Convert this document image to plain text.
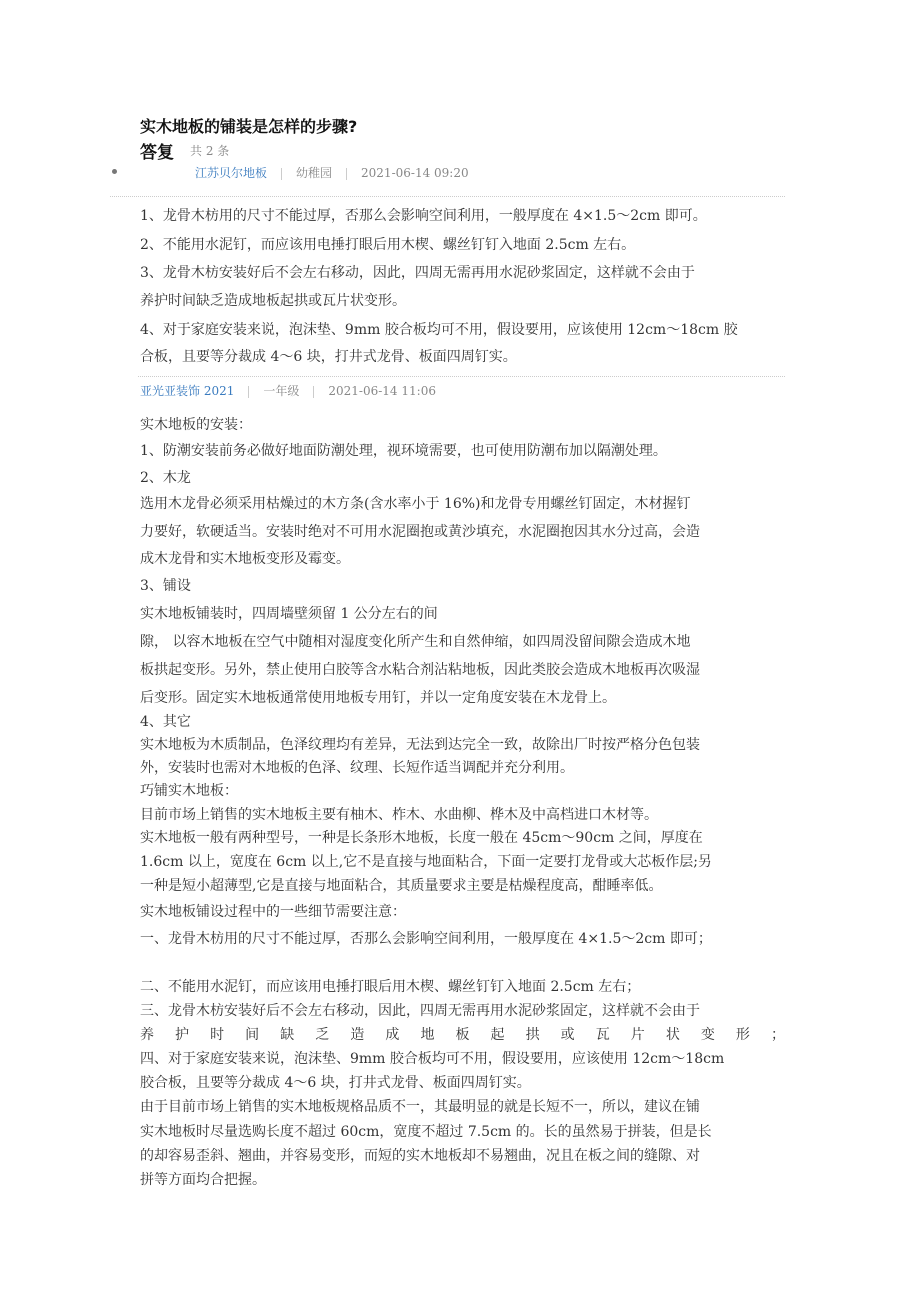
实木地板的铺装是怎样的步骤?
答复 共 2 条
江苏贝尔地板 幼稚园 2021-06-14 09:20
1、龙骨木枋用的尺寸不能过厚，否那么会影响空间利用，一般厚度在 4×1.5～2cm 即可。
2、不能用水泥钉，而应该用电捶打眼后用木楔、螺丝钉钉入地面 2.5cm 左右。
3、龙骨木枋安装好后不会左右移动，因此，四周无需再用水泥砂浆固定，这样就不会由于
养护时间缺乏造成地板起拱或瓦片状变形。
4、对于家庭安装来说，泡沫垫、9mm 胶合板均可不用，假设要用，应该使用 12cm～18cm 胶
合板，且要等分裁成 4～6 块，打井式龙骨、板面四周钉实。
亚光亚装饰 2021 一年级 2021-06-14 11:06
实木地板的安装：
1、防潮安装前务必做好地面防潮处理，视环境需要，也可使用防潮布加以隔潮处理。
2、木龙
选用木龙骨必须采用枯燥过的木方条(含水率小于 16%)和龙骨专用螺丝钉固定，木材握钉
力要好，软硬适当。安装时绝对不可用水泥圈抱或黄沙填充，水泥圈抱因其水分过高，会造
成木龙骨和实木地板变形及霉变。
3、铺设
实木地板铺装时，四周墙壁须留 1 公分左右的间
隙， 以容木地板在空气中随相对湿度变化所产生和自然伸缩，如四周没留间隙会造成木地
板拱起变形。另外，禁止使用白胶等含水粘合剂沾粘地板，因此类胶会造成木地板再次吸湿
后变形。固定实木地板通常使用地板专用钉，并以一定角度安装在木龙骨上。
4、其它
实木地板为木质制品，色泽纹理均有差异，无法到达完全一致，故除出厂时按严格分色包装
外，安装时也需对木地板的色泽、纹理、长短作适当调配并充分利用。
巧铺实木地板：
目前市场上销售的实木地板主要有柚木、柞木、水曲柳、桦木及中高档进口木材等。
实木地板一般有两种型号，一种是长条形木地板，长度一般在 45cm～90cm 之间，厚度在
1.6cm 以上，宽度在 6cm 以上,它不是直接与地面粘合，下面一定要打龙骨或大芯板作层;另
一种是短小超薄型,它是直接与地面粘合，其质量要求主要是枯燥程度高，酣睡率低。
实木地板铺设过程中的一些细节需要注意：
一、龙骨木枋用的尺寸不能过厚，否那么会影响空间利用，一般厚度在 4×1.5～2cm 即可；
二、不能用水泥钉，而应该用电捶打眼后用木楔、螺丝钉钉入地面 2.5cm 左右；
三、龙骨木枋安装好后不会左右移动，因此，四周无需再用水泥砂浆固定，这样就不会由于
养 护 时 间 缺 乏 造 成 地 板 起 拱 或 瓦 片 状 变 形 ；
四、对于家庭安装来说，泡沫垫、9mm 胶合板均可不用，假设要用，应该使用 12cm～18cm
胶合板，且要等分裁成 4～6 块，打井式龙骨、板面四周钉实。
由于目前市场上销售的实木地板规格品质不一，其最明显的就是长短不一，所以，建议在铺
实木地板时尽量选购长度不超过 60cm，宽度不超过 7.5cm 的。长的虽然易于拼装，但是长
的却容易歪斜、翘曲，并容易变形，而短的实木地板却不易翘曲，况且在板之间的缝隙、对
拼等方面均合把握。
